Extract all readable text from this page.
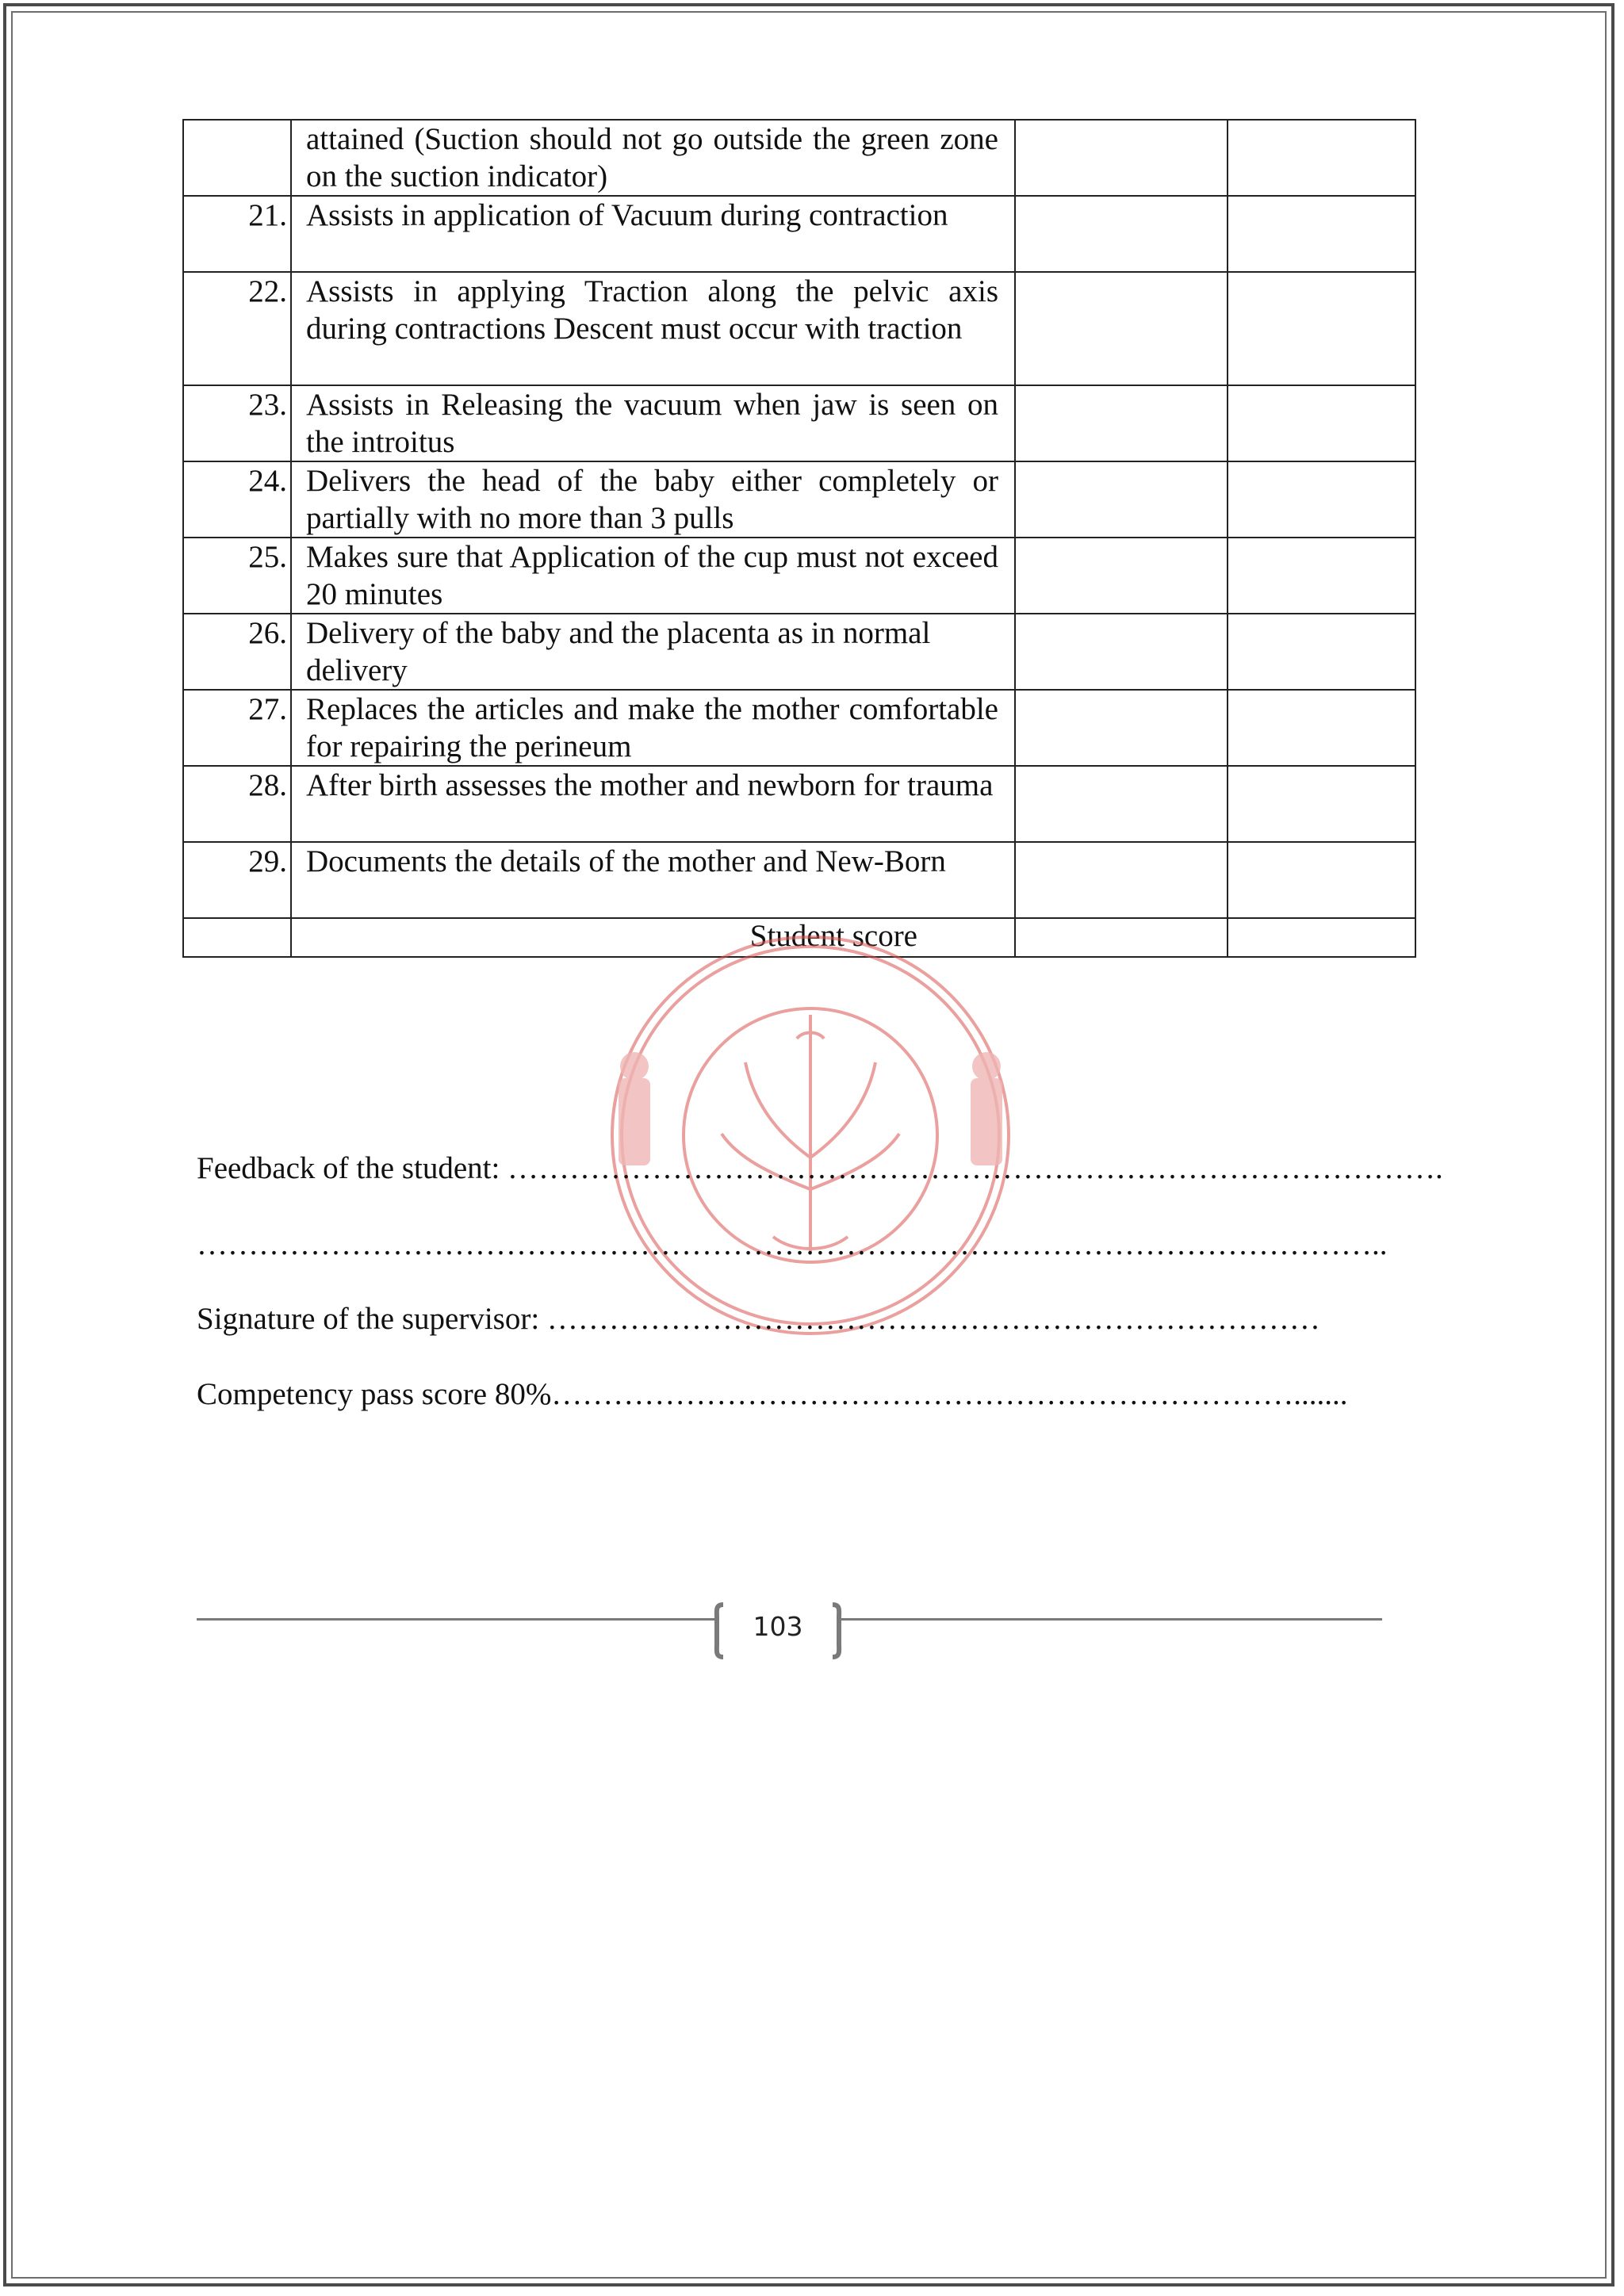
	attained (Suction should not go outside the green zone on the suction indicator)		
21.	Assists in application of Vacuum during contraction		
22.	Assists in applying Traction along the pelvic axis during contractions Descent must occur with traction		
23.	Assists in Releasing the vacuum when jaw is seen on the introitus		
24.	Delivers the head of the baby either completely or partially with no more than 3 pulls		
25.	Makes sure that Application of the cup must not exceed 20 minutes		
26.	Delivery of the baby and the placenta as in normal delivery		
27.	Replaces the articles and make the mother comfortable for repairing the perineum		
28.	After birth assesses the mother and newborn for trauma		
29.	Documents the details of the mother and New-Born		
	Student score		
Feedback of the student: ……………………………………………………………………………….
……………………………………………………………………………………………………..
Signature of the supervisor: …………………………………………………………………
Competency pass score 80%……………………………………………………………….......
103
